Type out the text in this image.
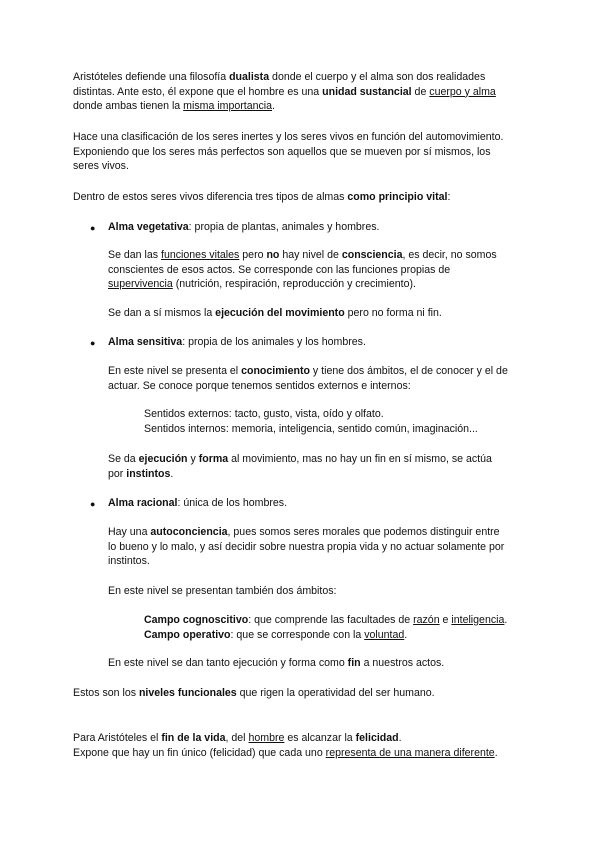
Aristóteles defiende una filosofía dualista donde el cuerpo y el alma son dos realidades
distintas. Ante esto, él expone que el hombre es una unidad sustancial de cuerpo y alma
donde ambas tienen la misma importancia.
Hace una clasificación de los seres inertes y los seres vivos en función del automovimiento.
Exponiendo que los seres más perfectos son aquellos que se mueven por sí mismos, los
seres vivos.
Dentro de estos seres vivos diferencia tres tipos de almas como principio vital:
● Alma vegetativa: propia de plantas, animales y hombres.
Se dan las funciones vitales pero no hay nivel de consciencia, es decir, no somos
conscientes de esos actos. Se corresponde con las funciones propias de
supervivencia (nutrición, respiración, reproducción y crecimiento).
Se dan a sí mismos la ejecución del movimiento pero no forma ni fin.
● Alma sensitiva: propia de los animales y los hombres.
En este nivel se presenta el conocimiento y tiene dos ámbitos, el de conocer y el de
actuar. Se conoce porque tenemos sentidos externos e internos:
Sentidos externos: tacto, gusto, vista, oído y olfato.
Sentidos internos: memoria, inteligencia, sentido común, imaginación...
Se da ejecución y forma al movimiento, mas no hay un fin en sí mismo, se actúa
por instintos.
● Alma racional: única de los hombres.
Hay una autoconciencia, pues somos seres morales que podemos distinguir entre
lo bueno y lo malo, y así decidir sobre nuestra propia vida y no actuar solamente por
instintos.
En este nivel se presentan también dos ámbitos:
Campo cognoscitivo: que comprende las facultades de razón e inteligencia.
Campo operativo: que se corresponde con la voluntad.
En este nivel se dan tanto ejecución y forma como fin a nuestros actos.
Estos son los niveles funcionales que rigen la operatividad del ser humano.
Para Aristóteles el fin de la vida, del hombre es alcanzar la felicidad.
Expone que hay un fin único (felicidad) que cada uno representa de una manera diferente.
